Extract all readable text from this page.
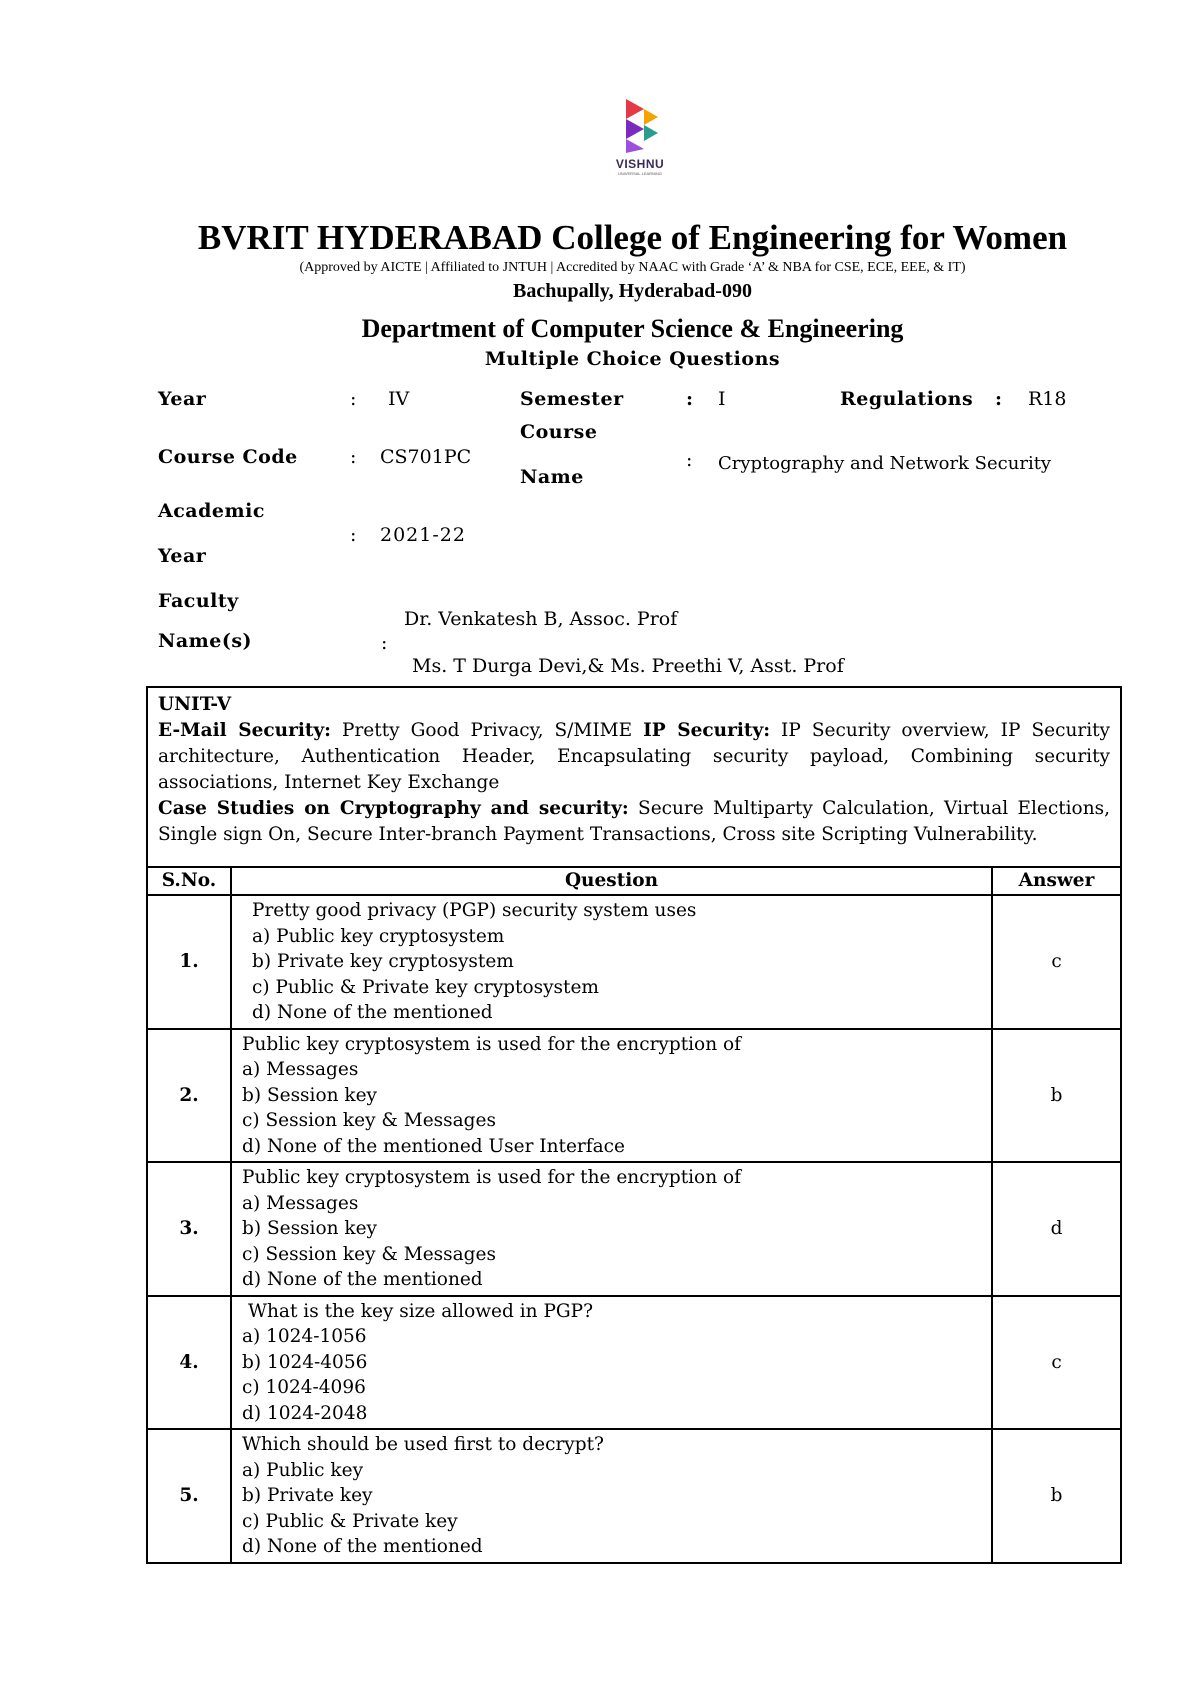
VISHNU
UNIVERSAL LEARNING
BVRIT HYDERABAD College of Engineering for Women
(Approved by AICTE | Affiliated to JNTUH | Accredited by NAAC with Grade ‘A’ & NBA for CSE, ECE, EEE, & IT)
Bachupally, Hyderabad-090
Department of Computer Science & Engineering
Multiple Choice Questions
Year	: IV	Semester	: I	Regulations : R18
Course
Course Code	: CS701PC	: Cryptography and Network Security
Name
Academic
: 2021-22
Year
Faculty
Dr. Venkatesh B, Assoc. Prof
Name(s)	:
Ms. T Durga Devi,& Ms. Preethi V, Asst. Prof
UNIT-V

E-Mail Security: Pretty Good Privacy, S/MIME IP Security: IP Security overview, IP Security architecture, Authentication Header, Encapsulating security payload, Combining security associations, Internet Key Exchange

Case Studies on Cryptography and security: Secure Multiparty Calculation, Virtual Elections, Single sign On, Secure Inter-branch Payment Transactions, Cross site Scripting Vulnerability.

S.No.	Question	Answer
1.	Pretty good privacy (PGP) security system uses
a) Public key cryptosystem
b) Private key cryptosystem
c) Public & Private key cryptosystem
d) None of the mentioned	c
2.	Public key cryptosystem is used for the encryption of
a) Messages
b) Session key
c) Session key & Messages
d) None of the mentioned User Interface	b
3.	Public key cryptosystem is used for the encryption of
a) Messages
b) Session key
c) Session key & Messages
d) None of the mentioned	d
4.	What is the key size allowed in PGP?
a) 1024-1056
b) 1024-4056
c) 1024-4096
d) 1024-2048	c
5.	Which should be used first to decrypt?
a) Public key
b) Private key
c) Public & Private key
d) None of the mentioned	b
